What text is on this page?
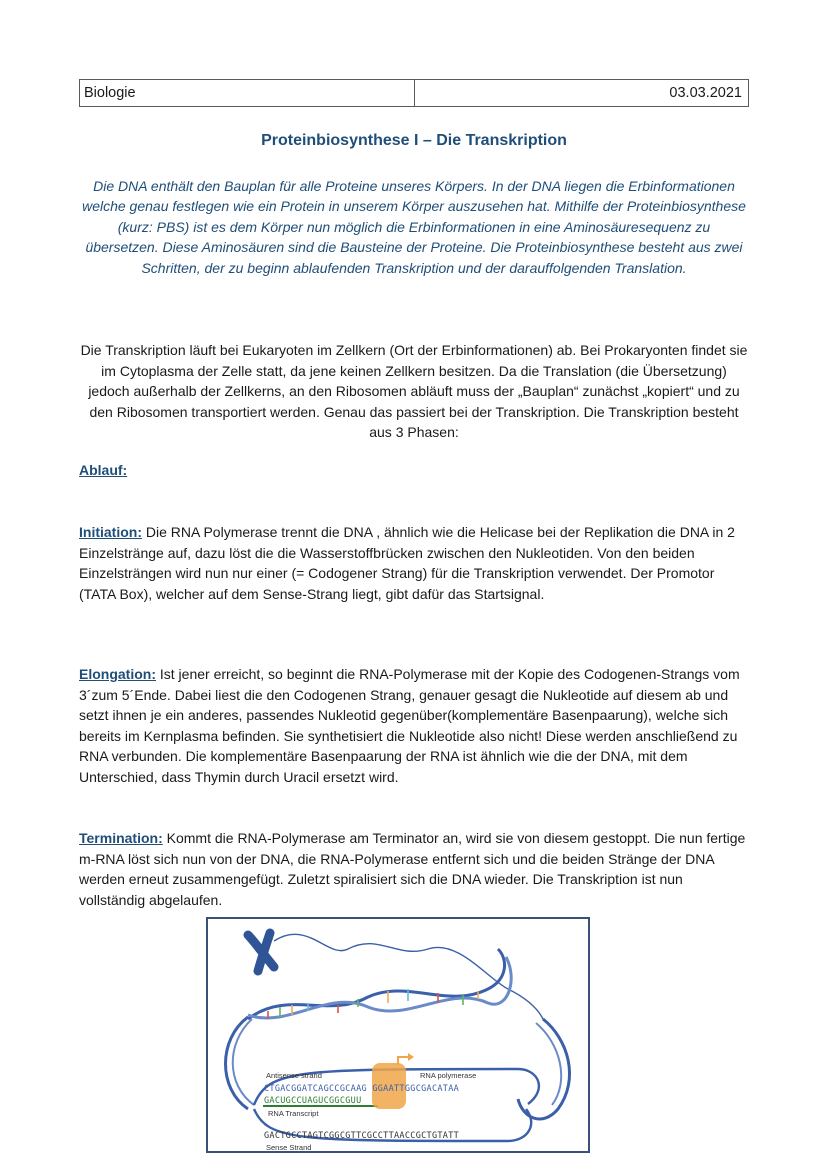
Biologie	03.03.2021
Proteinbiosynthese I – Die Transkription
Die DNA enthält den Bauplan für alle Proteine unseres Körpers. In der DNA liegen die Erbinformationen welche genau festlegen wie ein Protein in unserem Körper auszusehen hat. Mithilfe der Proteinbiosynthese (kurz: PBS) ist es dem Körper nun möglich die Erbinformationen in eine Aminosäuresequenz zu übersetzen. Diese Aminosäuren sind die Bausteine der Proteine. Die Proteinbiosynthese besteht aus zwei Schritten, der zu beginn ablaufenden Transkription und der darauffolgenden Translation.
Die Transkription läuft bei Eukaryoten im Zellkern (Ort der Erbinformationen) ab. Bei Prokaryonten findet sie im Cytoplasma der Zelle statt, da jene keinen Zellkern besitzen. Da die Translation (die Übersetzung) jedoch außerhalb der Zellkerns, an den Ribosomen abläuft muss der „Bauplan“ zunächst „kopiert“ und zu den Ribosomen transportiert werden. Genau das passiert bei der Transkription. Die Transkription besteht aus 3 Phasen:
Ablauf:
Initiation: Die RNA Polymerase trennt die DNA , ähnlich wie die Helicase bei der Replikation die DNA in 2 Einzelstränge auf, dazu löst die die Wasserstoffbrücken zwischen den Nukleotiden. Von den beiden Einzelsträngen wird nun nur einer (= Codogener Strang) für die Transkription verwendet. Der Promotor (TATA Box), welcher auf dem Sense-Strang liegt, gibt dafür das Startsignal.
Elongation: Ist jener erreicht, so beginnt die RNA-Polymerase mit der Kopie des Codogenen-Strangs vom 3´zum 5´Ende. Dabei liest die den Codogenen Strang, genauer gesagt die Nukleotide auf diesem ab und setzt ihnen je ein anderes, passendes Nukleotid gegenüber(komplementäre Basenpaarung), welche sich bereits im Kernplasma befinden. Sie synthetisiert die Nukleotide also nicht! Diese werden anschließend zu RNA verbunden. Die komplementäre Basenpaarung der RNA ist ähnlich wie die der DNA, mit dem Unterschied, dass Thymin durch Uracil ersetzt wird.
Termination: Kommt die RNA-Polymerase am Terminator an, wird sie von diesem gestoppt. Die nun fertige m-RNA löst sich nun von der DNA, die RNA-Polymerase entfernt sich und die beiden Stränge der DNA werden erneut zusammengefügt. Zuletzt spiralisiert sich die DNA wieder. Die Transkription ist nun vollständig abgelaufen.
Antisense strand	RNA polymerase
CTGACGGATCAGCCGCAAG GGAATTGGCGACATAA
GACUGCCUAGUCGGCGUU
RNA Transcript
GACTGCCTAGTCGGCGTTCGCCTTAACCGCTGTATT
Sense Strand
